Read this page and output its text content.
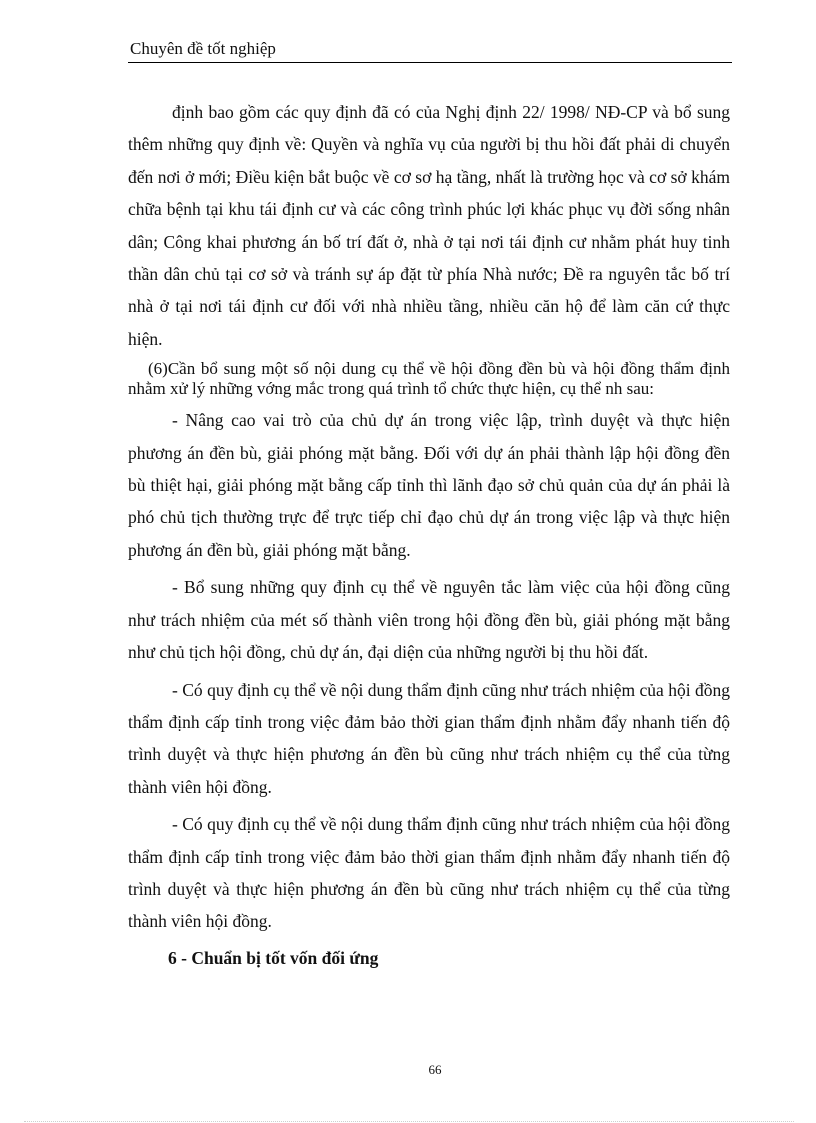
Chuyên đề tốt nghiệp

định bao gồm các quy định đã có của Nghị định 22/ 1998/ NĐ-CP và bổ sung thêm những quy định về: Quyền và nghĩa vụ của người bị thu hồi đất phải di chuyển đến nơi ở mới; Điều kiện bắt buộc về cơ sơ hạ tầng, nhất là trường học và cơ sở khám chữa bệnh tại khu tái định cư và các công trình phúc lợi khác phục vụ đời sống nhân dân; Công khai phương án bố trí đất ở, nhà ở tại nơi tái định cư nhằm phát huy tinh thần dân chủ tại cơ sở và tránh sự áp đặt từ phía Nhà nước; Đề ra nguyên tắc bố trí nhà ở tại nơi tái định cư đối với nhà nhiều tầng, nhiều căn hộ để làm căn cứ thực hiện.

(6)Cần bổ sung một số nội dung cụ thể về hội đồng đền bù và hội đồng thẩm định nhằm xử lý những vớng mắc trong quá trình tổ chức thực hiện, cụ thể nh sau:

- Nâng cao vai trò của chủ dự án trong việc lập, trình duyệt và thực hiện phương án đền bù, giải phóng mặt bằng. Đối với dự án phải thành lập hội đồng đền bù thiệt hại, giải phóng mặt bằng cấp tỉnh thì lãnh đạo sở chủ quản của dự án phải là phó chủ tịch thường trực để trực tiếp chỉ đạo chủ dự án trong việc lập và thực hiện phương án đền bù, giải phóng mặt bằng.

- Bổ sung những quy định cụ thể về nguyên tắc làm việc của hội đồng cũng như trách nhiệm của mét số thành viên trong hội đồng đền bù, giải phóng mặt bằng như chủ tịch hội đồng, chủ dự án, đại diện của những người bị thu hồi đất.

- Có quy định cụ thể về nội dung thẩm định cũng như trách nhiệm của hội đồng thẩm định cấp tỉnh trong việc đảm bảo thời gian thẩm định nhằm đẩy nhanh tiến độ trình duyệt và thực hiện phương án đền bù cũng như trách nhiệm cụ thể của từng thành viên hội đồng.

- Có quy định cụ thể về nội dung thẩm định cũng như trách nhiệm của hội đồng thẩm định cấp tỉnh trong việc đảm bảo thời gian thẩm định nhằm đẩy nhanh tiến độ trình duyệt và thực hiện phương án đền bù cũng như trách nhiệm cụ thể của từng thành viên hội đồng.

6 - Chuẩn bị tốt vốn đối ứng

66
